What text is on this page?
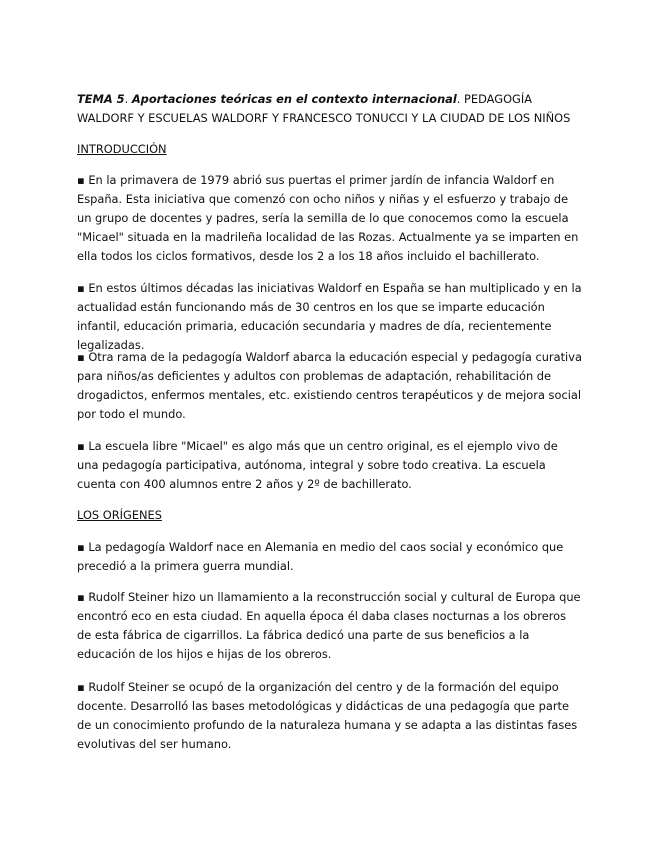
TEMA 5. Aportaciones teóricas en el contexto internacional. PEDAGOGÍA WALDORF Y ESCUELAS WALDORF Y FRANCESCO TONUCCI Y LA CIUDAD DE LOS NIÑOS

INTRODUCCIÓN

▪ En la primavera de 1979 abrió sus puertas el primer jardín de infancia Waldorf en España. Esta iniciativa que comenzó con ocho niños y niñas y el esfuerzo y trabajo de un grupo de docentes y padres, sería la semilla de lo que conocemos como la escuela "Micael" situada en la madrileña localidad de las Rozas. Actualmente ya se imparten en ella todos los ciclos formativos, desde los 2 a los 18 años incluido el bachillerato.

▪ En estos últimos décadas las iniciativas Waldorf en España se han multiplicado y en la actualidad están funcionando más de 30 centros en los que se imparte educación infantil, educación primaria, educación secundaria y madres de día, recientemente legalizadas.

▪ Otra rama de la pedagogía Waldorf abarca la educación especial y pedagogía curativa para niños/as deficientes y adultos con problemas de adaptación, rehabilitación de drogadictos, enfermos mentales, etc. existiendo centros terapéuticos y de mejora social por todo el mundo.

▪ La escuela libre "Micael" es algo más que un centro original, es el ejemplo vivo de una pedagogía participativa, autónoma, integral y sobre todo creativa. La escuela cuenta con 400 alumnos entre 2 años y 2º de bachillerato.

LOS ORÍGENES

▪ La pedagogía Waldorf nace en Alemania en medio del caos social y económico que precedió a la primera guerra mundial.

▪ Rudolf Steiner hizo un llamamiento a la reconstrucción social y cultural de Europa que encontró eco en esta ciudad. En aquella época él daba clases nocturnas a los obreros de esta fábrica de cigarrillos. La fábrica dedicó una parte de sus beneficios a la educación de los hijos e hijas de los obreros.

▪ Rudolf Steiner se ocupó de la organización del centro y de la formación del equipo docente. Desarrolló las bases metodológicas y didácticas de una pedagogía que parte de un conocimiento profundo de la naturaleza humana y se adapta a las distintas fases evolutivas del ser humano.
